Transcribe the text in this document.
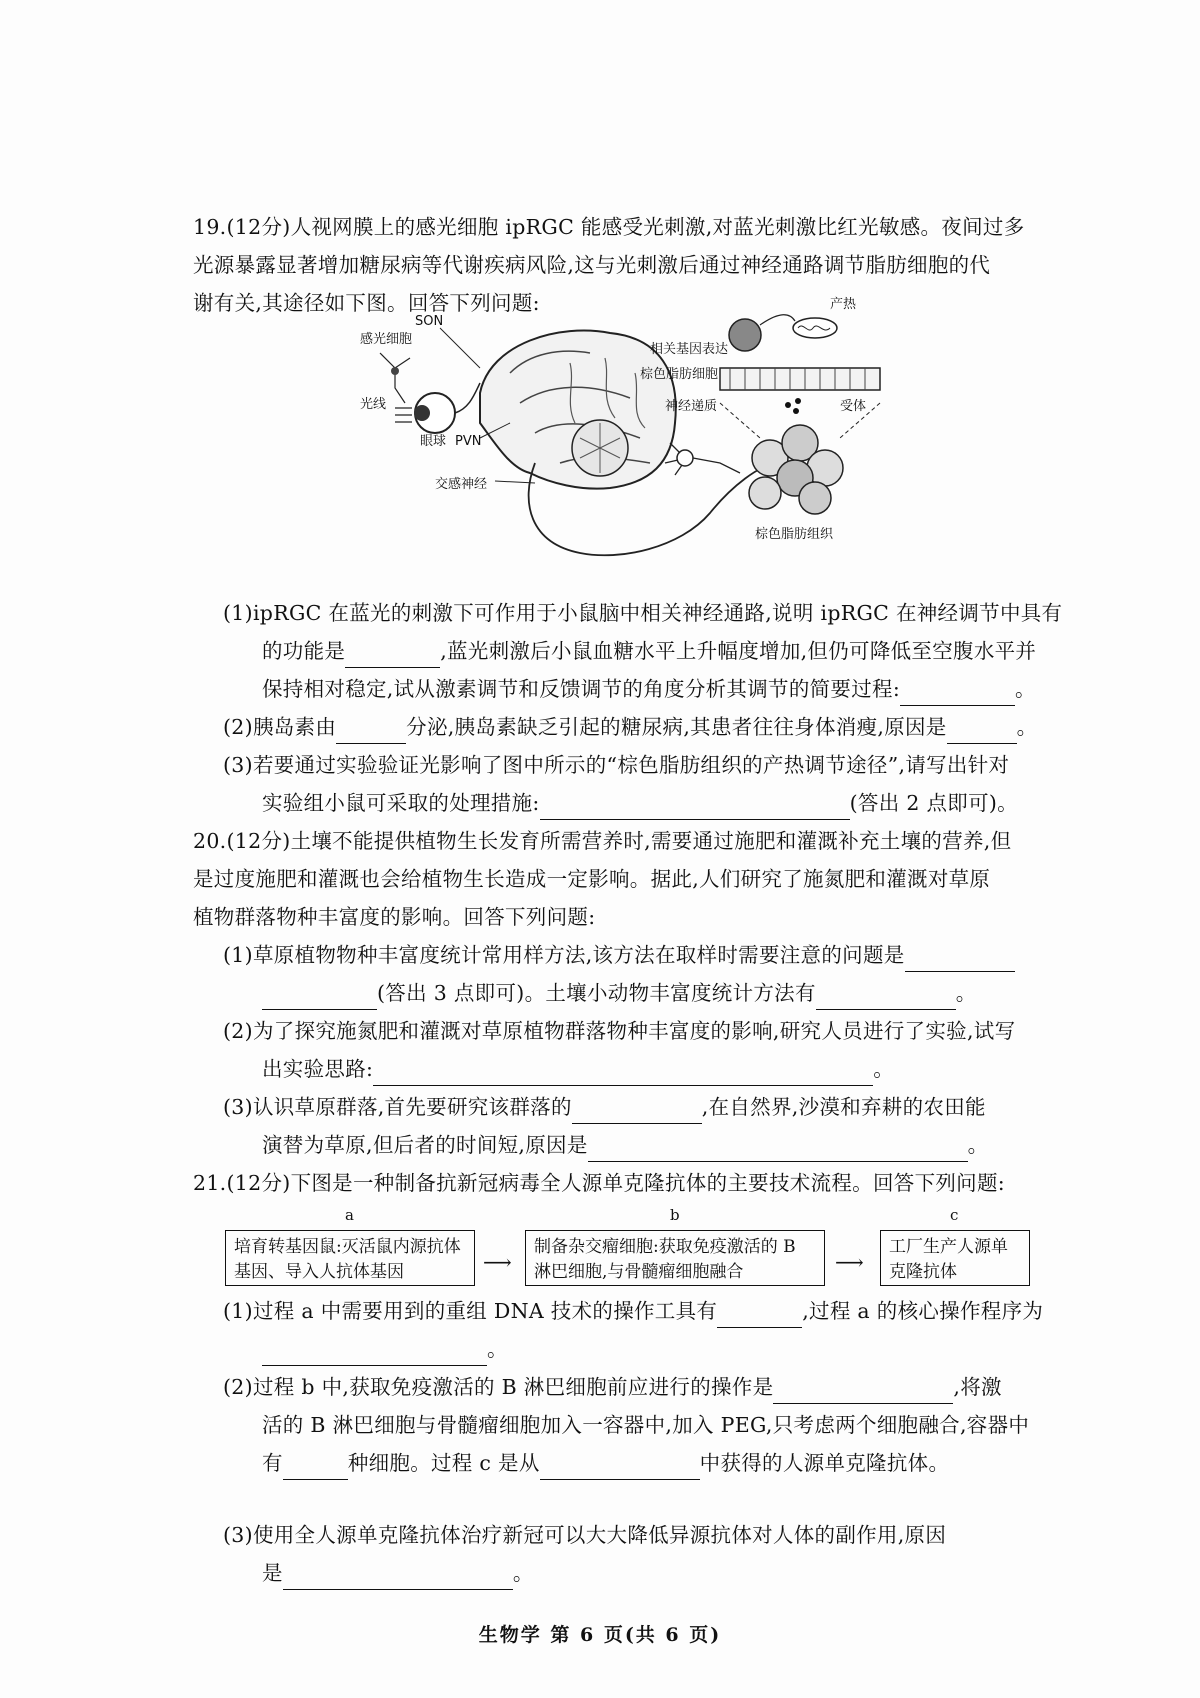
19.(12分)人视网膜上的感光细胞 ipRGC 能感受光刺激,对蓝光刺激比红光敏感。夜间过多
光源暴露显著增加糖尿病等代谢疾病风险,这与光刺激后通过神经通路调节脂肪细胞的代
谢有关,其途径如下图。回答下列问题:
感光细胞
光线
眼球
SON
PVN
交感神经
相关基因表达
产热
棕色脂肪细胞
神经递质	受体
棕色脂肪组织
(1)ipRGC 在蓝光的刺激下可作用于小鼠脑中相关神经通路,说明 ipRGC 在神经调节中具有
的功能是	,蓝光刺激后小鼠血糖水平上升幅度增加,但仍可降低至空腹水平并
保持相对稳定,试从激素调节和反馈调节的角度分析其调节的简要过程:	。
(2)胰岛素由	分泌,胰岛素缺乏引起的糖尿病,其患者往往身体消瘦,原因是	。
(3)若要通过实验验证光影响了图中所示的“棕色脂肪组织的产热调节途径”,请写出针对
实验组小鼠可采取的处理措施:	(答出 2 点即可)。
20.(12分)土壤不能提供植物生长发育所需营养时,需要通过施肥和灌溉补充土壤的营养,但
是过度施肥和灌溉也会给植物生长造成一定影响。据此,人们研究了施氮肥和灌溉对草原
植物群落物种丰富度的影响。回答下列问题:
(1)草原植物物种丰富度统计常用样方法,该方法在取样时需要注意的问题是
(答出 3 点即可)。土壤小动物丰富度统计方法有	。
(2)为了探究施氮肥和灌溉对草原植物群落物种丰富度的影响,研究人员进行了实验,试写
出实验思路:	。
(3)认识草原群落,首先要研究该群落的	,在自然界,沙漠和弃耕的农田能
演替为草原,但后者的时间短,原因是	。
21.(12分)下图是一种制备抗新冠病毒全人源单克隆抗体的主要技术流程。回答下列问题:
培育转基因鼠:灭活鼠内源抗体基因、导入人抗体基因
a
⟶
制备杂交瘤细胞:获取免疫激活的 B 淋巴细胞,与骨髓瘤细胞融合
b
⟶
工厂生产人源单克隆抗体
c
(1)过程 a 中需要用到的重组 DNA 技术的操作工具有	,过程 a 的核心操作程序为
。
(2)过程 b 中,获取免疫激活的 B 淋巴细胞前应进行的操作是	,将激
活的 B 淋巴细胞与骨髓瘤细胞加入一容器中,加入 PEG,只考虑两个细胞融合,容器中
有	种细胞。过程 c 是从	中获得的人源单克隆抗体。
(3)使用全人源单克隆抗体治疗新冠可以大大降低异源抗体对人体的副作用,原因
是	。
生物学 第 6 页(共 6 页)
